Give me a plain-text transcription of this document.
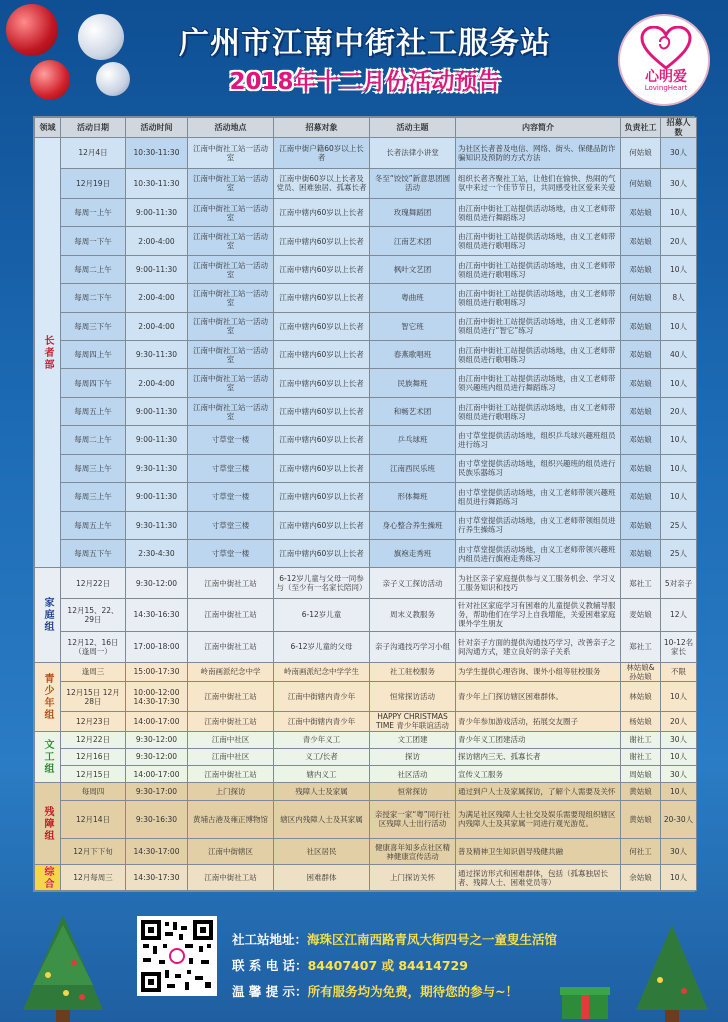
广州市江南中街社工服务站
2018年十二月份活动预告	心明爱
LovingHeart
领域	活动日期	活动时间	活动地点	招募对象	活动主题	内容简介	负责社工	招募人数
长者部	12月4日	10:30-11:30	江南中街社工站一活动室	江南中街户籍60岁以上长者	长者法律小讲堂	为社区长者普及电信、网络、街头、保健品防诈骗知识及预防的方式方法	何姑娘	30人
	12月19日	10:30-11:30	江南中街社工站一活动室	江南中街60岁以上长者及党员、困难独居、孤寡长者	冬至“饺饺”新意思团圆活动	组织长者齐聚社工站，让他们在愉快、热闹的气氛中来过一个佳节节日，共同感受社区爱来关爱	何姑娘	30人
	每周一上午	9:00-11:30	江南中街社工站一活动室	江南中辖内60岁以上长者	玫瑰舞蹈团	由江南中街社工站提供活动场地，由义工老师带领组员进行舞蹈练习	邓姑娘	10人
	每周一下午	2:00-4:00	江南中街社工站一活动室	江南中辖内60岁以上长者	江南艺术团	由江南中街社工站提供活动场地，由义工老师带领组员进行歌唱练习	邓姑娘	20人
	每周二上午	9:00-11:30	江南中街社工站一活动室	江南中辖内60岁以上长者	枫叶文艺团	由江南中街社工站提供活动场地，由义工老师带领组员进行歌唱练习	邓姑娘	10人
	每周二下午	2:00-4:00	江南中街社工站一活动室	江南中辖内60岁以上长者	粤曲班	由江南中街社工站提供活动场地，由义工老师带领组员进行歌唱练习	何姑娘	8人
	每周三下午	2:00-4:00	江南中街社工站一活动室	江南中辖内60岁以上长者	智它班	由江南中街社工站提供活动场地，由义工老师带领组员进行“智它”练习	邓姑娘	10人
	每周四上午	9:30-11:30	江南中街社工站一活动室	江南中辖内60岁以上长者	春燕歌唱班	由江南中街社工站提供活动场地，由义工老师带领组员进行歌唱练习	邓姑娘	40人
	每周四下午	2:00-4:00	江南中街社工站一活动室	江南中辖内60岁以上长者	民族舞班	由江南中街社工站提供活动场地，由义工老师带领兴趣班内组员进行舞蹈练习	邓姑娘	10人
	每周五上午	9:00-11:30	江南中街社工站一活动室	江南中辖内60岁以上长者	和畅艺术团	由江南中街社工站提供活动场地，由义工老师带领组员进行歌唱练习	邓姑娘	20人
	每周二上午	9:00-11:30	寸草堂一楼	江南中辖内60岁以上长者	乒乓球班	由寸草堂提供活动场地，组织乒乓球兴趣班组员进行练习	邓姑娘	10人
	每周三上午	9:30-11:30	寸草堂三楼	江南中辖内60岁以上长者	江南西民乐班	由寸草堂提供活动场地，组织兴趣班的组员进行民族乐器练习	邓姑娘	10人
	每周三上午	9:00-11:30	寸草堂一楼	江南中辖内60岁以上长者	形体舞班	由寸草堂提供活动场地，由义工老师带领兴趣班组员进行舞蹈练习	邓姑娘	10人
	每周五上午	9:30-11:30	寸草堂三楼	江南中辖内60岁以上长者	身心整合养生操班	由寸草堂提供活动场地，由义工老师带领组员进行养生操练习	邓姑娘	25人
	每周五下午	2:30-4:30	寸草堂一楼	江南中辖内60岁以上长者	旗袍走秀班	由寸草堂提供活动场地，由义工老师带领兴趣班内组员进行旗袍走秀练习	邓姑娘	25人
家庭组	12月22日	9:30-12:00	江南中街社工站	6-12岁儿童与父母一同参与（至少有一名家长陪同）	亲子义工探访活动	为社区亲子家庭提供参与义工服务机会、学习义工服务知识和技巧	郑社工	5对亲子
	12月15、22、29日	14:30-16:30	江南中街社工站	6-12岁儿童	周末义教服务	针对社区家庭学习有困难的儿童提供义教辅导服务，帮助他们在学习上自我增能，关爱困难家庭课外学生朋友	麦姑娘	12人
	12月12、16日（逢周一）	17:00-18:00	江南中街社工站	6-12岁儿童的父母	亲子沟通技巧学习小组	针对亲子方面的提供沟通技巧学习，改善亲子之间沟通方式，建立良好的亲子关系	郑社工	10-12名家长
青少年组	逢周三	15:00-17:30	岭南画派纪念中学	岭南画派纪念中学学生	社工驻校服务	为学生提供心理咨询、课外小组等驻校服务	林姑娘&孙姑娘	不限
	12月15日 12月28日	10:00-12:00 14:30-17:30	江南中街社工站	江南中街辖内青少年	恒常探访活动	青少年上门探访辖区困难群体。	林姑娘	10人
	12月23日	14:00-17:00	江南中街社工站	江南中街辖内青少年	HAPPY CHRISTMAS TIME 青少年联谊活动	青少年参加游戏活动，拓展交友圈子	杨姑娘	20人
文工组	12月22日	9:30-12:00	江南中社区	青少年义工	文工团建	青少年义工团建活动	谢社工	30人
	12月16日	9:30-12:00	江南中社区	义工/长者	探访	探访辖内三无、孤寡长者	谢社工	10人
	12月15日	14:00-17:00	江南中街社工站	辖内义工	社区活动	宣传义工服务	周姑娘	30人
残障组	每周四	9:30-17:00	上门探访	残障人士及家属	恒常探访	通过到户人士及家属探访，了解个人需要及关怀	黄姑娘	10人
	12月14日	9:30-16:30	黄埔古港及雍正博物馆	辖区内残障人士及其家属	亲授家一家“粤”同行社区残障人士出行活动	为满足社区残障人士社交及娱乐需要现组织辖区内残障人士及其家属一同进行观光游览。	黄姑娘	20-30人
	12月下下旬	14:30-17:00	江南中街辖区	社区居民	健康喜年知多点社区精神健康宣传活动	普及精神卫生知识倡导残健共融	何社工	30人
综合	12月每周三	14:30-17:30	江南中街社工站	困难群体	上门探访关怀	通过探访形式和困难群体，包括（孤寡独居长者、残障人士、困难党员等）	余姑娘	10人
社工站地址：海珠区江南西路青凤大街四号之一童叟生活馆
联 系 电 话：84407407 或 84414729
温 馨 提 示：所有服务均为免费，期待您的参与~！
